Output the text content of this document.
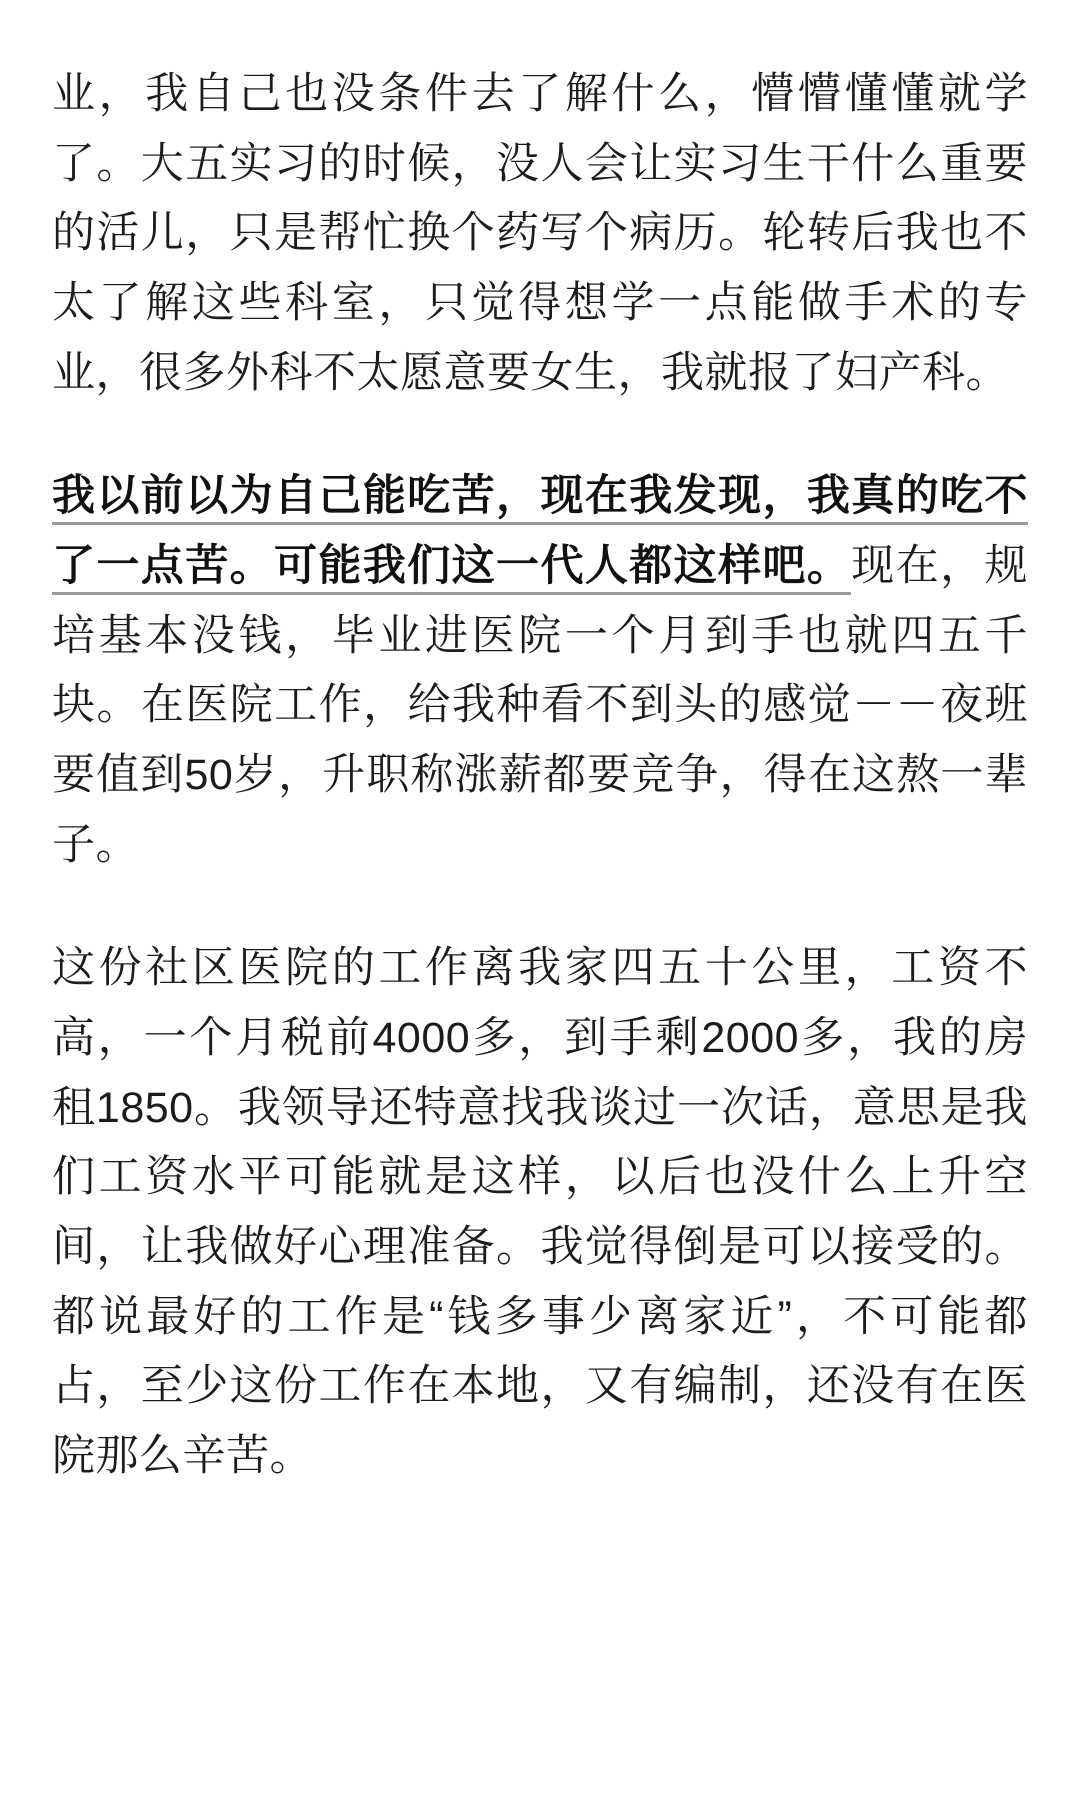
业，我自己也没条件去了解什么，懵懵懂懂就学了。大五实习的时候，没人会让实习生干什么重要的活儿，只是帮忙换个药写个病历。轮转后我也不太了解这些科室，只觉得想学一点能做手术的专业，很多外科不太愿意要女生，我就报了妇产科。

我以前以为自己能吃苦，现在我发现，我真的吃不了一点苦。可能我们这一代人都这样吧。现在，规培基本没钱，毕业进医院一个月到手也就四五千块。在医院工作，给我种看不到头的感觉－－夜班要值到50岁，升职称涨薪都要竞争，得在这熬一辈子。

这份社区医院的工作离我家四五十公里，工资不高，一个月税前4000多，到手剩2000多，我的房租1850。我领导还特意找我谈过一次话，意思是我们工资水平可能就是这样，以后也没什么上升空间，让我做好心理准备。我觉得倒是可以接受的。都说最好的工作是“钱多事少离家近”，不可能都占，至少这份工作在本地，又有编制，还没有在医院那么辛苦。
